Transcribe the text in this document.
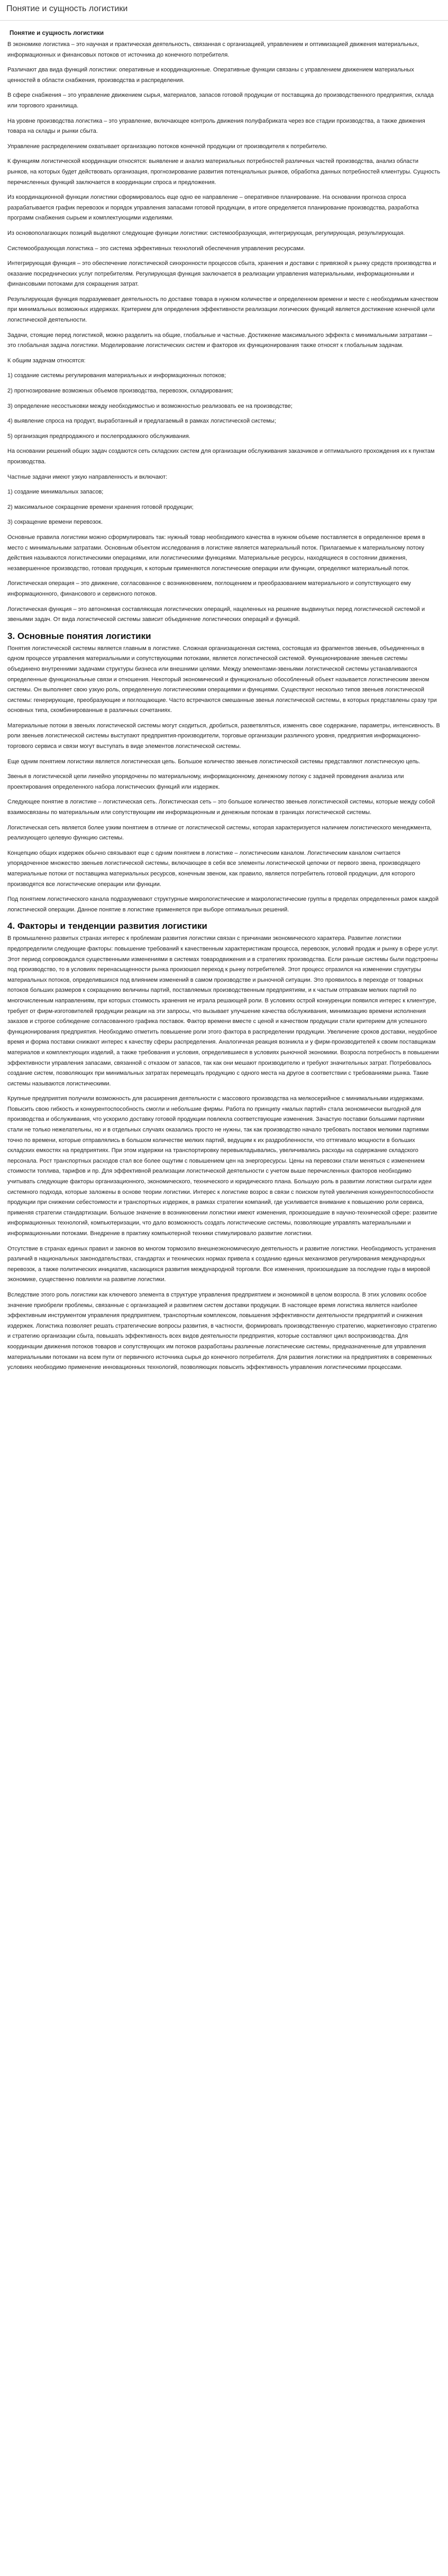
Понятие и сущность логистики
Понятие и сущность логистики

В экономике логистика – это научная и практическая деятельность, связанная с организацией, управлением и оптимизацией движения материальных, информационных и финансовых потоков от источника до конечного потребителя.

Различают два вида функций логистики: оперативные и координационные. Оперативные функции связаны с управлением движением материальных ценностей в области снабжения, производства и распределения.

В сфере снабжения – это управление движением сырья, материалов, запасов готовой продукции от поставщика до производственного предприятия, склада или торгового хранилища.

На уровне производства логистика – это управление, включающее контроль движения полуфабриката через все стадии производства, а также движения товара на склады и рынки сбыта.

Управление распределением охватывает организацию потоков конечной продукции от производителя к потребителю.

К функциям логистической координации относятся: выявление и анализ материальных потребностей различных частей производства, анализ области рынков, на которых будет действовать организация, прогнозирование развития потенциальных рынков, обработка данных потребностей клиентуры. Сущность перечисленных функций заключается в координации спроса и предложения.

Из координационной функции логистики сформировалось еще одно ее направление – оперативное планирование. На основании прогноза спроса разрабатывается график перевозок и порядок управления запасами готовой продукции, в итоге определяется планирование производства, разработка программ снабжения сырьем и комплектующими изделиями.

Из основополагающих позиций выделяют следующие функции логистики: системообразующая, интегрирующая, регулирующая, результирующая.

Системообразующая логистика – это система эффективных технологий обеспечения управления ресурсами.

Интегрирующая функция – это обеспечение логистической синхронности процессов сбыта, хранения и доставки с привязкой к рынку средств производства и оказание посреднических услуг потребителям. Регулирующая функция заключается в реализации управления материальными, информационными и финансовыми потоками для сокращения затрат.

Результирующая функция подразумевает деятельность по доставке товара в нужном количестве и определенном времени и месте с необходимым качеством при минимальных возможных издержках. Критерием для определения эффективности реализации логических функций является достижение конечной цели логистической деятельности.

Задачи, стоящие перед логистикой, можно разделить на общие, глобальные и частные. Достижение максимального эффекта с минимальными затратами – это глобальная задача логистики. Моделирование логистических систем и факторов их функционирования также относят к глобальным задачам.

К общим задачам относятся:

1) создание системы регулирования материальных и информационных потоков;

2) прогнозирование возможных объемов производства, перевозок, складирования;

3) определение несостыковки между необходимостью и возможностью реализовать ее на производстве;

4) выявление спроса на продукт, выработанный и предлагаемый в рамках логистической системы;

5) организация предпродажного и послепродажного обслуживания.

На основании решений общих задач создаются сеть складских систем для организации обслуживания заказчиков и оптимального прохождения их к пунктам производства.

Частные задачи имеют узкую направленность и включают:

1) создание минимальных запасов;

2) максимальное сокращение времени хранения готовой продукции;

3) сокращение времени перевозок.

Основные правила логистики можно сформулировать так: нужный товар необходимого качества в нужном объеме поставляется в определенное время в место с минимальными затратами. Основным объектом исследования в логистике является материальный поток. Прилагаемые к материальному потоку действия называются логистическими операциями, или логистическими функциями. Материальные ресурсы, находящиеся в состоянии движения, незавершенное производство, готовая продукция, к которым применяются логистические операции или функции, определяют материальный поток.

Логистическая операция – это движение, согласованное с возникновением, поглощением и преобразованием материального и сопутствующего ему информационного, финансового и сервисного потоков.

Логистическая функция – это автономная составляющая логистических операций, нацеленных на решение выдвинутых перед логистической системой и звеньями задач. От вида логистической системы зависит объединение логистических операций и функций.

3. Основные понятия логистики

Понятия логистической системы является главным в логистике. Сложная организационная система, состоящая из фрагментов звеньев, объединенных в одном процессе управления материальными и сопутствующими потоками, является логистической системой. Функционирование звеньев системы объединено внутренними задачами структуры бизнеса или внешними целями. Между элементами-звеньями логистической системы устанавливаются определенные функциональные связи и отношения. Некоторый экономический и функционально обособленный объект называется логистическим звеном системы. Он выполняет свою узкую роль, определенную логистическими операциями и функциями. Существуют несколько типов звеньев логистической системы: генерирующие, преобразующие и поглощающие. Часто встречаются смешанные звенья логистической системы, в которых представлены сразу три основных типа, скомбинированные в различных сочетаниях.

Материальные потоки в звеньях логистической системы могут сходиться, дробиться, разветвляться, изменять свое содержание, параметры, интенсивность. В роли звеньев логистической системы выступают предприятия-производители, торговые организации различного уровня, предприятия информационно-торгового сервиса и связи могут выступать в виде элементов логистической системы.

Еще одним понятием логистики является логистическая цепь. Большое количество звеньев логистической системы представляют логистическую цепь.

Звенья в логистической цепи линейно упорядочены по материальному, информационному, денежному потоку с задачей проведения анализа или проектирования определенного набора логистических функций или издержек.

Следующее понятие в логистике – логистическая сеть. Логистическая сеть – это большое количество звеньев логистической системы, которые между собой взаимосвязаны по материальным или сопутствующим им информационным и денежным потокам в границах логистической системы.

Логистическая сеть является более узким понятием в отличие от логистической системы, которая характеризуется наличием логистического менеджмента, реализующего целевую функцию системы.

Концепцию общих издержек обычно связывают еще с одним понятием в логистике – логистическим каналом. Логистическим каналом считается упорядоченное множество звеньев логистической системы, включающее в себя все элементы логистической цепочки от первого звена, производящего материальные потоки от поставщика материальных ресурсов, конечным звеном, как правило, является потребитель готовой продукции, для которого производятся все логистические операции или функции.

Под понятием логистического канала подразумевают структурные микрологистические и макрологистические группы в пределах определенных рамок каждой логистической операции. Данное понятие в логистике применяется при выборе оптимальных решений.

4. Факторы и тенденции развития логистики

В промышленно развитых странах интерес к проблемам развития логистики связан с причинами экономического характера. Развитие логистики предопределили следующие факторы: повышение требований к качественным характеристикам процесса, перевозок, условий продаж и рынку в сфере услуг. Этот период сопровождался существенными изменениями в системах товародвижения и в стратегиях производства. Если раньше системы были подстроены под производство, то в условиях перенасыщенности рынка произошел переход к рынку потребителей. Этот процесс отразился на изменении структуры материальных потоков, определившихся под влиянием изменений в самом производстве и рыночной ситуации. Это проявилось в переходе от товарных потоков больших размеров к сокращению величины партий, поставляемых производственным предприятиям, и к частым отправкам мелких партий по многочисленным направлениям, при которых стоимость хранения не играла решающей роли. В условиях острой конкуренции появился интерес к клиентуре, требует от фирм-изготовителей продукции реакции на эти запросы, что вызывает улучшение качества обслуживания, минимизацию времени исполнения заказов и строгое соблюдение согласованного графика поставок. Фактор времени вместе с ценой и качеством продукции стали критерием для успешного функционирования предприятия. Необходимо отметить повышение роли этого фактора в распределении продукции. Увеличение сроков доставки, неудобное время и форма поставки снижают интерес к качеству сферы распределения. Аналогичная реакция возникла и у фирм-производителей к своим поставщикам материалов и комплектующих изделий, а также требования и условия, определившиеся в условиях рыночной экономики. Возросла потребность в повышении эффективности управления запасами, связанной с отказом от запасов, так как они мешают производителю и требуют значительных затрат. Потребовалось создание систем, позволяющих при минимальных затратах перемещать продукцию с одного места на другое в соответствии с требованиями рынка. Такие системы называются логистическими.

Крупные предприятия получили возможность для расширения деятельности с массового производства на мелкосерийное с минимальными издержками. Повысить свою гибкость и конкурентоспособность смогли и небольшие фирмы. Работа по принципу «малых партий» стала экономически выгодной для производства и обслуживания, что ускорило доставку готовой продукции повлекла соответствующие изменения. Зачастую поставки большими партиями стали не только нежелательны, но и в отдельных случаях оказались просто не нужны, так как производство начало требовать поставок мелкими партиями точно по времени, которые отправлялись в большом количестве мелких партий, ведущим к их раздробленности, что оттягивало мощности в больших складских емкостях на предприятиях. При этом издержки на транспортировку перевыкладывались, увеличивались расходы на содержание складского персонала. Рост транспортных расходов стал все более ощутим с повышением цен на энергоресурсы. Цены на перевозки стали меняться с изменением стоимости топлива, тарифов и пр. Для эффективной реализации логистической деятельности с учетом выше перечисленных факторов необходимо учитывать следующие факторы организационного, экономического, технического и юридического плана. Большую роль в развитии логистики сыграли идеи системного подхода, которые заложены в основе теории логистики. Интерес к логистике возрос в связи с поиском путей увеличения конкурентоспособности продукции при снижении себестоимости и транспортных издержек, в рамках стратегии компаний, где усиливается внимание к повышению роли сервиса, применяя стратегии стандартизации. Большое значение в возникновении логистики имеют изменения, произошедшие в научно-технической сфере: развитие информационных технологий, компьютеризации, что дало возможность создать логистические системы, позволяющие управлять материальными и информационными потоками. Внедрение в практику компьютерной техники стимулировало развитие логистики.

Отсутствие в странах единых правил и законов во многом тормозило внешнеэкономическую деятельность и развитие логистики. Необходимость устранения различий в национальных законодательствах, стандартах и технических нормах привела к созданию единых механизмов регулирования международных перевозок, а также политических инициатив, касающихся развития международной торговли. Все изменения, произошедшие за последние годы в мировой экономике, существенно повлияли на развитие логистики.

Вследствие этого роль логистики как ключевого элемента в структуре управления предприятием и экономикой в целом возросла. В этих условиях особое значение приобрели проблемы, связанные с организацией и развитием систем доставки продукции. В настоящее время логистика является наиболее эффективным инструментом управления предприятием, транспортным комплексом, повышения эффективности деятельности предприятий и снижения издержек. Логистика позволяет решать стратегические вопросы развития, в частности, формировать производственную стратегию, маркетинговую стратегию и стратегию организации сбыта, повышать эффективность всех видов деятельности предприятия, которые составляют цикл воспроизводства. Для координации движения потоков товаров и сопутствующих им потоков разработаны различные логистические системы, предназначенные для управления материальными потоками на всем пути от первичного источника сырья до конечного потребителя. Для развития логистики на предприятиях в современных условиях необходимо применение инновационных технологий, позволяющих повысить эффективность управления логистическими процессами.
